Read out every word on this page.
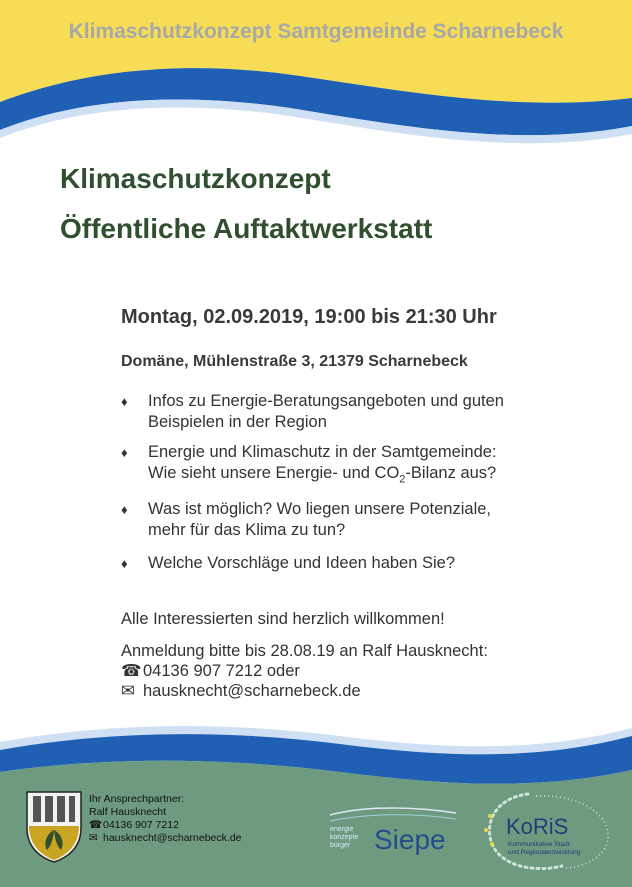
Klimaschutzkonzept Samtgemeinde Scharnebeck
Klimaschutzkonzept
Öffentliche Auftaktwerkstatt
Montag, 02.09.2019, 19:00 bis 21:30 Uhr
Domäne, Mühlenstraße 3, 21379 Scharnebeck
♦ Infos zu Energie-Beratungsangeboten und guten
Beispielen in der Region
♦ Energie und Klimaschutz in der Samtgemeinde:
Wie sieht unsere Energie- und $CO_2$-Bilanz aus?
♦ Was ist möglich? Wo liegen unsere Potenziale,
mehr für das Klima zu tun?
♦ Welche Vorschläge und Ideen haben Sie?
Alle Interessierten sind herzlich willkommen!
Anmeldung bitte bis 28.08.19 an Ralf Hausknecht:
☎04136 907 7212 oder
✉ hausknecht@scharnebeck.de
Ihr Ansprechpartner:
Ralf Hausknecht
☎04136 907 7212
✉ hausknecht@scharnebeck.de
energie
konzepte
bürger Siepe	KoRiS
Kommunikative Stadt-
und Regionalentwicklung
